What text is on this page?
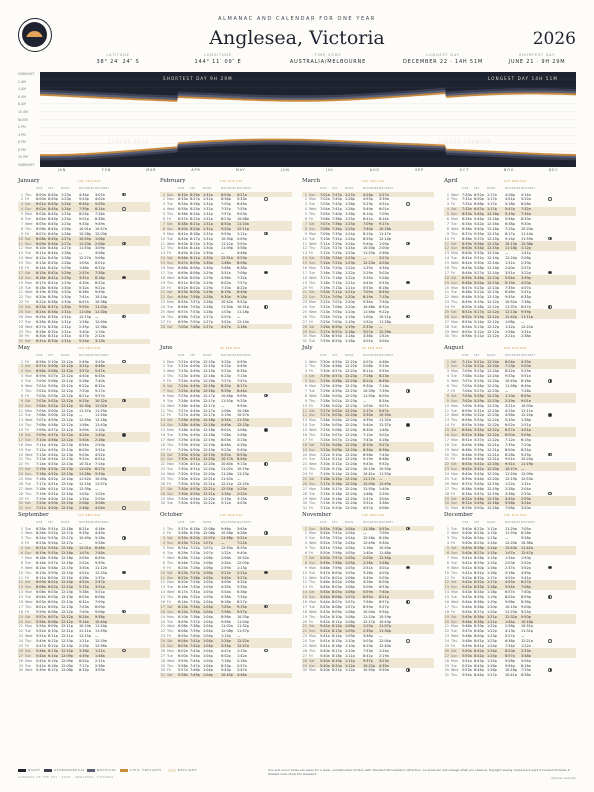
ALMANAC AND CALENDAR FOR ONE YEAR
Anglesea, Victoria	2026
LATITUDE
38° 24′ 24″ S
LONGITUDE
144° 11′ 09″ E
TIME ZONE
AUSTRALIA/MELBOURNE
LONGEST DAY
DECEMBER 22 · 14H 51M
SHORTEST DAY
JUNE 21 · 9H 29M
MIDNIGHT
2 AM
4 AM
6 AM
8 AM
10 AM
NOON
2 PM
4 PM
6 PM
8 PM
10 PM
MIDNIGHT
SHORTEST DAY 9H 29M	LONGEST DAY 14H 51M
CLOCKS BACK	CLOCKS FORWARD
JAN	FEB	MAR	APR	MAY	JUN	JUL	AUG	SEP	OCT	NOV	DEC
January	14h 34m DAY
RISE SET	NOON	MOONRISE MOONSET
1 Thu 6:00a 8:45p 1:23p 4:34p 3:07a
2 Fri 6:00a 8:45p 1:23p 5:43p 4:02a
3 Sat 6:01a 8:45p 1:24p 6:45p 5:05a
4 Sun 6:02a 8:45p 1:24p 7:39p 6:14a
5 Mon 6:03a 8:45p 1:25p 8:24p 7:26a
6 Tue 6:04a 8:45p 1:25p 9:01p 8:38a
7 Wed 6:05a 8:45p 1:25p 9:33p 9:49a
8 Thu 6:06a 8:45p 1:26p 10:01p 10:57a
9 Fri 6:07a 8:45p 1:26p 10:28p 12:03p
10 Sat 6:08a 8:45p 1:27p 10:55p 1:06p
11 Sun 6:09a 8:44p 1:27p 11:23p 2:08p
12 Mon 6:10a 8:44p 1:27p 11:53p 3:09p
13 Tue 6:11a 8:44p 1:28p —	4:08p
14 Wed 6:12a 8:43p 1:28p 12:27a 5:06p
15 Thu 6:13a 8:43p 1:28p 1:05a 6:01p
16 Fri 6:14a 8:42p 1:29p 1:48a 6:52p
17 Sat 6:15a 8:42p 1:29p 2:37a 7:38p
18 Sun 6:16a 8:41p 1:29p 3:31a 8:18p
19 Mon 6:17a 8:41p 1:29p 4:30a 8:52p
20 Tue 6:18a 8:40p 1:30p 5:32a 9:22p
21 Wed 6:19a 8:39p 1:30p 6:36a 9:49p
22 Thu 6:20a 8:39p 1:30p 7:41a 10:14p
23 Fri 6:22a 8:38p 1:30p 8:47a 10:38p
24 Sat 6:23a 8:37p 1:30p 9:55a 11:03p
25 Sun 6:24a 8:36p 1:31p 11:04a 11:30p
26 Mon 6:25a 8:35p 1:31p 12:15p —
27 Tue 6:26a 8:34p 1:31p 1:26p 12:00a
28 Wed 6:27a 8:33p 1:31p 2:35p 12:36a
29 Thu 6:28a 8:32p 1:31p 3:40p 1:19a
30 Fri 6:30a 8:31p 1:31p 4:37p 2:12a
31 Sat 6:31a 8:30p 1:31p 5:24p 3:13a
February	13h 32m DAY
RISE SET	NOON	MOONRISE MOONSET
1 Sun 6:32a 8:29p 1:31p 6:03p 4:21a
2 Mon 6:33a 8:27p 1:31p 6:36p 5:33a
3 Tue 6:34a 8:26p 1:31p 7:05p 6:45a
4 Wed 6:35a 8:25p 1:31p 7:31p 7:55a
5 Thu 6:36a 8:24p 1:31p 7:57p 9:03a
6 Fri 6:37a 8:22p 1:31p 8:23p 10:08a
7 Sat 6:38a 8:21p 1:31p 8:50p 11:10a
8 Sun 6:40a 8:20p 1:31p 9:20p 12:11p
9 Mon 6:41a 8:18p 1:31p 9:53p 1:11p
10 Tue 6:42a 8:17p 1:31p 10:30p 2:09p
11 Wed 6:43a 8:15p 1:30p 11:12p 3:05p
12 Thu 6:44a 8:14p 1:30p 11:59p 3:58p
13 Fri 6:45a 8:12p 1:30p —	4:46p
14 Sat 6:46a 8:11p 1:30p 12:51a 5:29p
15 Sun 6:47a 8:09p 1:30p 1:48a 6:06p
16 Mon 6:48a 8:08p 1:30p 2:48a 6:38p
17 Tue 6:49a 8:06p 1:29p 3:51a 7:06p
18 Wed 6:50a 8:05p 1:29p 4:56a 7:32p
19 Thu 6:51a 8:03p 1:29p 6:02a 7:57p
20 Fri 6:52a 8:02p 1:29p 7:10a 8:22p
21 Sat 6:53a 8:00p 1:29p 8:19a 8:49p
22 Sun 6:54a 7:58p 1:28p 9:30a 9:18p
23 Mon 6:55a 7:57p 1:28p 10:42a 9:52p
24 Tue 6:56a 7:55p 1:28p 11:54a 10:31p
25 Wed 6:57a 7:53p 1:28p 1:03p 11:18p
26 Thu 6:58a 7:52p 1:27p 2:07p —
27 Fri 6:59a 7:50p 1:27p 3:02p 12:14a
28 Sat 7:00a 7:48p 1:27p 3:47p 1:18a
March	12h 19m DAY
RISE SET	NOON	MOONRISE MOONSET
1 Sun 7:01a 7:47p 1:27p 4:24p 2:27a
2 Mon 7:02a 7:45p 1:26p 4:55p 3:39a
3 Tue 7:03a 7:43p 1:26p 5:23p 4:51a
4 Wed 7:04a 7:41p 1:26p 5:49p 6:01a
5 Thu 7:05a 7:40p 1:26p 6:14p 7:09a
6 Fri 7:06a 7:38p 1:25p 6:41p 8:14a
7 Sat 7:07a 7:36p 1:25p 7:09p 9:17a
8 Sun 7:08a 7:34p 1:25p 7:40p 10:18a
9 Mon 7:09a 7:33p 1:24p 8:15p 11:17a
10 Tue 7:10a 7:31p 1:24p 8:55p 12:14p
11 Wed 7:11a 7:29p 1:24p 9:40p 1:09p
12 Thu 7:12a 7:27p 1:24p 10:30p 2:00p
13 Fri 7:12a 7:25p 1:23p 11:25p 2:46p
14 Sat 7:13a 7:24p 1:23p —	3:27p
15 Sun 7:14a 7:22p 1:23p 12:23a 4:03p
16 Mon 7:15a 7:20p 1:22p 1:25a 4:34p
17 Tue 7:16a 7:18p 1:22p 2:29a 5:02p
18 Wed 7:17a 7:16p 1:22p 3:35a 5:28p
19 Thu 7:18a 7:15p 1:21p 4:43a 5:53p
20 Fri 7:19a 7:13p 1:21p 5:53a 6:18p
21 Sat 7:20a 7:11p 1:21p 7:05a 6:45p
22 Sun 7:21a 7:09p 1:20p 8:19a 7:15p
23 Mon 7:22a 7:07p 1:20p 9:34a 7:50p
24 Tue 7:22a 7:06p 1:20p 10:48a 8:32p
25 Wed 7:23a 7:04p 1:20p 11:58a 9:22p
26 Thu 7:24a 7:02p 1:19p 1:00p 10:21p
27 Fri 7:25a 7:00p 1:19p 1:52p 11:28p
28 Sat 7:26a 6:59p 1:19p 2:33p —
29 Sun 7:27a 6:57p 1:18p 3:07p 12:39a
30 Mon 7:28a 6:55p 1:18p 3:36p 1:52a
31 Tue 7:29a 6:53p 1:18p 4:01p 3:04a
April	11h 09m DAY
RISE SET	NOON	MOONRISE MOONSET
1 Wed 7:30a 6:52p 1:17p 4:26p 4:14a
2 Thu 7:31a 6:50p 1:17p 4:51p 5:22a
3 Fri 7:32a 6:48p 1:17p 5:18p 6:28a
4 Sat 7:32a 6:47p 1:17p 5:47p 7:32a
5 Sun 6:33a 5:45p 12:16p 5:19p 7:34a
6 Mon 6:34a 5:44p 12:16p 5:56p 8:33a
7 Tue 6:35a 5:42p 12:16p 6:38p 9:30a
8 Wed 6:36a 5:40p 12:16p 7:25p 10:24a
9 Thu 6:37a 5:39p 12:15p 8:17p 11:14a
10 Fri 6:38a 5:37p 12:15p 9:14p 11:59a
11 Sat 6:39a 5:36p 12:15p 10:15p 12:38p
12 Sun 6:40a 5:34p 12:15p 11:18p 1:12p
13 Mon 6:40a 5:33p 12:14p —	1:41p
14 Tue 6:41a 5:31p 12:14p 12:24a 2:08p
15 Wed 6:42a 5:30p 12:14p 1:31a 2:33p
16 Thu 6:43a 5:28p 12:14p 2:40a 2:57p
17 Fri 6:44a 5:27p 12:14p 3:51a 3:22p
18 Sat 6:45a 5:26p 12:13p 5:04a 3:49p
19 Sun 6:46a 5:24p 12:13p 6:19a 4:20p
20 Mon 6:47a 5:23p 12:13p 7:35a 4:57p
21 Tue 6:48a 5:22p 12:13p 8:48a 5:41p
22 Wed 6:48a 5:20p 12:13p 9:55a 6:35p
23 Thu 6:49a 5:19p 12:12p 10:52a 7:38p
24 Fri 6:50a 5:18p 12:12p 11:37a 8:47p
25 Sat 6:51a 5:17p 12:12p 12:13p 9:59p
26 Sun 6:52a 5:15p 12:12p 12:42p 11:11p
27 Mon 6:53a 5:14p 12:12p 1:08p —
28 Tue 6:54a 5:13p 12:12p 1:32p 12:22a
29 Wed 6:55a 5:12p 12:12p 1:56p 1:31a
30 Thu 6:56a 5:11p 12:12p 2:21p 2:38a
May	10h 08m DAY
RISE SET	NOON	MOONRISE MOONSET
1 Fri 6:56a 5:10p 12:12p 2:49p 3:43a
2 Sat 6:57a 5:09p 12:12p 3:21p 4:46a
3 Sun 6:58a 5:08p 12:12p 3:57p 5:47a
4 Mon 6:59a 5:07p 12:12p 4:40p 6:45a
5 Tue 7:00a 5:06p 12:12p 5:28p 7:40a
6 Wed 7:01a 5:05p 12:12p 6:22p 8:31a
7 Thu 7:02a 5:04p 12:12p 7:20p 9:17a
8 Fri 7:03a 5:03p 12:12p 8:21p 9:57a
9 Sat 7:03a 5:02p 12:12p 9:25p 10:32a
10 Sun 7:04a 5:01p 12:12p 10:30p 11:02a
11 Mon 7:05a 5:00p 12:12p 11:37p 11:29a
12 Tue 7:06a 5:00p 12:12p —	11:54a
13 Wed 7:07a 4:59p 12:12p 12:45a 12:18p
14 Thu 7:08a 4:58p 12:12p 1:56a 12:43p
15 Fri 7:09a 4:57p 12:12p 3:09a 1:10p
16 Sat 7:09a 4:57p 12:12p 4:24a 1:40p
17 Sun 7:10a 4:56p 12:12p 5:40a 2:16p
18 Mon 7:11a 4:55p 12:13p 6:54a 2:59p
19 Tue 7:12a 4:55p 12:13p 8:03a 3:51p
20 Wed 7:13a 4:54p 12:13p 9:03a 4:52p
21 Thu 7:13a 4:54p 12:13p 9:52a 6:01p
22 Fri 7:14a 4:53p 12:13p 10:31a 7:14p
23 Sat 7:15a 4:53p 12:13p 11:02a 8:27p
24 Sun 7:16a 4:52p 12:13p 11:28a 9:39p
25 Mon 7:16a 4:52p 12:14p 11:52a 10:49p
26 Tue 7:17a 4:51p 12:14p 12:15p 11:57p
27 Wed 7:18a 4:51p 12:14p 12:39p —
28 Thu 7:19a 4:51p 12:14p 1:05p 1:02a
29 Fri 7:19a 4:50p 12:14p 1:34p 2:05a
30 Sat 7:20a 4:50p 12:15p 2:08p 3:06a
31 Sun 7:21a 4:50p 12:15p 2:48p 4:04a
June	9h 29m DAY
RISE SET	NOON	MOONRISE MOONSET
1 Mon 7:21a 4:50p 12:15p 3:33p 4:59a
2 Tue 7:22a 4:49p 12:15p 4:25p 5:49a
3 Wed 7:23a 4:49p 12:15p 5:22p 6:34a
4 Thu 7:23a 4:49p 12:16p 6:23p 7:13a
5 Fri 7:24a 4:49p 12:16p 7:27p 7:47a
6 Sat 7:24a 4:49p 12:16p 8:32p 8:17a
7 Sun 7:25a 4:49p 12:16p 9:39p 8:44a
8 Mon 7:25a 4:49p 12:17p 10:46p 9:09a
9 Tue 7:26a 4:49p 12:17p 11:55p 9:33a
10 Wed 7:26a 4:49p 12:17p —	9:59a
11 Thu 7:27a 4:49p 12:17p 1:06a 10:26a
12 Fri 7:27a 4:49p 12:17p 2:19a 10:57a
13 Sat 7:28a 4:49p 12:18p 3:34a 11:33a
14 Sun 7:28a 4:49p 12:18p 4:49a 12:15p
15 Mon 7:28a 4:49p 12:18p 6:02a 1:06p
16 Tue 7:29a 4:49p 12:18p 7:08a 2:06p
17 Wed 7:29a 4:50p 12:19p 8:03a 3:13p
18 Thu 7:29a 4:50p 12:19p 8:48a 4:26p
19 Fri 7:29a 4:50p 12:19p 9:23a 5:40p
20 Sat 7:30a 4:50p 12:19p 9:52a 6:53p
21 Sun 7:30a 4:51p 12:20p 10:17a 8:04p
22 Mon 7:30a 4:51p 12:20p 10:40a 9:13p
23 Tue 7:30a 4:51p 12:20p 11:02a 10:19p
24 Wed 7:30a 4:52p 12:20p 11:26a 11:23p
25 Thu 7:30a 4:52p 12:21p 11:52a —
26 Fri 7:30a 4:53p 12:21p 12:21p 12:25a
27 Sat 7:30a 4:53p 12:21p 12:55p 1:25a
28 Sun 7:30a 4:54p 12:21p 1:34p 2:22a
29 Mon 7:30a 4:54p 12:22p 2:19p 3:15a
30 Tue 7:30a 4:55p 12:22p 3:11p 4:03a
July	9h 48m DAY
RISE SET	NOON	MOONRISE MOONSET
1 Wed 7:30a 4:55p 12:22p 4:07p 4:46a
2 Thu 7:30a 4:56p 12:22p 5:08p 5:23a
3 Fri 7:30a 4:57p 12:22p 6:11p 5:55a
4 Sat 7:29a 4:57p 12:23p 7:16p 6:23a
5 Sun 7:29a 4:58p 12:23p 8:22p 6:49a
6 Mon 7:29a 4:59p 12:23p 9:30p 7:14a
7 Tue 7:29a 4:59p 12:23p 10:39p 7:39a
8 Wed 7:28a 5:00p 12:23p 11:50p 8:05a
9 Thu 7:28a 5:01p 12:23p —	8:34a
10 Fri 7:28a 5:02p 12:23p 1:03a 9:07a
11 Sat 7:27a 5:02p 12:24p 2:17a 9:47a
12 Sun 7:27a 5:03p 12:24p 3:30a 10:35a
13 Mon 7:26a 5:04p 12:24p 4:39a 11:32a
14 Tue 7:26a 5:05p 12:24p 5:40a 12:37p
15 Wed 7:25a 5:06p 12:24p 6:30a 1:48p
16 Thu 7:25a 5:07p 12:24p 7:10a 3:02p
17 Fri 7:24a 5:07p 12:24p 7:43a 4:16p
18 Sat 7:23a 5:08p 12:24p 8:10a 5:27p
19 Sun 7:23a 5:09p 12:24p 8:34a 6:36p
20 Mon 7:22a 5:10p 12:24p 8:56a 7:43p
21 Tue 7:21a 5:11p 12:24p 9:19a 8:48p
22 Wed 7:20a 5:12p 12:24p 9:43a 9:52p
23 Thu 7:20a 5:13p 12:24p 10:10a 10:54p
24 Fri 7:19a 5:14p 12:24p 10:41a 11:53p
25 Sat 7:18a 5:15p 12:24p 11:17a —
26 Sun 7:17a 5:16p 12:24p 12:00p 12:49a
27 Mon 7:16a 5:17p 12:24p 12:50p 1:40a
28 Tue 7:15a 5:18p 12:24p 1:46p 2:25a
29 Wed 7:14a 5:18p 12:24p 2:47p 3:04a
30 Thu 7:13a 5:19p 12:24p 3:51p 3:38a
31 Fri 7:12a 5:20p 12:24p 4:57p 4:08a
August	10h 37m DAY
RISE SET	NOON	MOONRISE MOONSET
1 Sat 7:11a 5:21p 12:24p 6:04p 4:35a
2 Sun 7:10a 5:22p 12:24p 7:13p 5:00a
3 Mon 7:09a 5:23p 12:24p 8:22p 5:25a
4 Tue 7:08a 5:24p 12:24p 9:33p 5:51a
5 Wed 7:07a 5:25p 12:24p 10:45p 6:18a
6 Thu 7:05a 5:26p 12:23p 11:58p 6:49a
7 Fri 7:04a 5:27p 12:23p —	7:26a
8 Sat 7:03a 5:28p 12:23p 1:10a 8:09a
9 Sun 7:02a 5:29p 12:23p 2:19a 9:01a
10 Mon 7:00a 5:30p 12:23p 3:21a 10:03a
11 Tue 6:59a 5:31p 12:23p 4:15a 11:11a
12 Wed 6:58a 5:32p 12:23p 4:58a 12:24p
13 Thu 6:56a 5:33p 12:22p 5:33a 1:38p
14 Fri 6:55a 5:34p 12:22p 6:02a 2:51p
15 Sat 6:54a 5:35p 12:22p 6:27a 4:01p
16 Sun 6:52a 5:36p 12:22p 6:50a 5:09p
17 Mon 6:51a 5:37p 12:22p 7:12a 6:15p
18 Tue 6:49a 5:38p 12:21p 7:35a 7:20p
19 Wed 6:48a 5:39p 12:21p 8:00a 8:24p
20 Thu 6:46a 5:39p 12:21p 8:28a 9:25p
21 Fri 6:45a 5:40p 12:21p 9:01a 10:24p
22 Sat 6:43a 5:41p 12:20p 9:41a 11:19p
23 Sun 6:42a 5:42p 12:20p 10:27a —
24 Mon 6:40a 5:43p 12:20p 11:20a 12:09a
25 Tue 6:39a 5:44p 12:20p 12:19p 12:53a
26 Wed 6:37a 5:45p 12:19p 1:22p 1:31a
27 Thu 6:36a 5:46p 12:19p 2:28p 2:04a
28 Fri 6:34a 5:47p 12:19p 3:36p 2:33a
29 Sat 6:32a 5:48p 12:19p 4:45p 2:59a
30 Sun 6:31a 5:49p 12:18p 5:56p 3:24a
31 Mon 6:29a 5:50p 12:18p 7:08p 3:50a
September	11h 48m DAY
RISE SET	NOON	MOONRISE MOONSET
1 Tue 6:28a 5:51p 12:18p 8:21p 4:16a
2 Wed 6:26a 5:52p 12:17p 9:35p 4:45a
3 Thu 6:24a 5:53p 12:17p 10:49p 5:18a
4 Fri 6:23a 5:54p 12:17p —	5:58a
5 Sat 6:21a 5:54p 12:16p 12:01a 6:46a
6 Sun 6:19a 5:55p 12:16p 1:07a 7:44a
7 Mon 6:18a 5:56p 12:16p 2:05a 8:49a
8 Tue 6:16a 5:57p 12:16p 2:52a 9:59a
9 Wed 6:14a 5:58p 12:15p 3:30a 11:12a
10 Thu 6:13a 5:59p 12:15p 4:01a 12:25p
11 Fri 6:11a 6:00p 12:15p 4:28a 1:37p
12 Sat 6:09a 6:01p 12:14p 4:52a 2:47p
13 Sun 6:08a 6:02p 12:14p 5:15a 3:55p
14 Mon 6:06a 6:03p 12:14p 5:38a 5:01p
15 Tue 6:04a 6:03p 12:13p 6:03a 6:06p
16 Wed 6:03a 6:04p 12:13p 6:31a 7:09p
17 Thu 6:01a 6:05p 12:13p 7:03a 8:09p
18 Fri 5:59a 6:06p 12:12p 7:40a 9:06p
19 Sat 5:57a 6:07p 12:12p 8:24a 9:58p
20 Sun 5:56a 6:08p 12:12p 9:14a 10:44p
21 Mon 5:54a 6:09p 12:11p 10:10a 11:24p
22 Tue 5:52a 6:10p 12:11p 11:11a 11:59p
23 Wed 5:51a 6:11p 12:11p 12:15p —
24 Thu 5:49a 6:12p 12:10p 1:21p 12:29a
25 Fri 5:47a 6:12p 12:10p 2:29p 12:56a
26 Sat 5:46a 6:13p 12:10p 3:38p 1:21a
27 Sun 5:44a 6:14p 12:09p 4:49p 1:46a
28 Mon 5:42a 6:15p 12:09p 6:02p 2:11a
29 Tue 5:41a 6:16p 12:09p 7:17p 2:38a
30 Wed 5:39a 6:17p 12:08p 8:32p 3:09a
October	13h 04m DAY
RISE SET	NOON	MOONRISE MOONSET
1 Thu 5:37a 6:18p 12:08p 9:46p 3:45a
2 Fri 5:36a 6:19p 12:08p 10:56p 4:28a
3 Sat 5:34a 6:20p 12:07p 11:58p 5:21a
4 Sun 6:33a 7:21p 1:07p —	7:22a
5 Mon 6:31a 7:22p 1:07p 12:50a 8:29a
6 Tue 6:29a 7:23p 1:07p 1:32a 9:40a
7 Wed 6:28a 7:24p 1:06p 2:06a 10:52a
8 Thu 6:26a 7:25p 1:06p 2:34a 12:03p
9 Fri 6:25a 7:26p 1:06p 2:59a 1:13p
10 Sat 6:23a 7:27p 1:06p 3:22a 2:21p
11 Sun 6:22a 7:28p 1:05p 3:45a 3:27p
12 Mon 6:20a 7:29p 1:05p 4:09a 4:32p
13 Tue 6:19a 7:30p 1:05p 4:35a 5:35p
14 Wed 6:17a 7:31p 1:05p 5:04a 6:36p
15 Thu 6:16a 7:32p 1:05p 5:38a 7:34p
16 Fri 6:14a 7:33p 1:04p 6:18a 8:27p
17 Sat 6:13a 7:34p 1:04p 7:05a 9:15p
18 Sun 6:12a 7:35p 1:04p 7:58a 9:57p
19 Mon 6:10a 7:36p 1:04p 8:56a 10:33p
20 Tue 6:09a 7:37p 1:04p 9:58a 11:04p
21 Wed 6:08a 7:38p 1:04p 11:02a 11:32p
22 Thu 6:06a 7:39p 1:04p 12:08p 11:57p
23 Fri 6:05a 7:40p 1:04p 1:15p —
24 Sat 6:04a 7:41p 1:04p 2:24p 12:22a
25 Sun 6:03a 7:42p 1:04p 3:34p 12:47a
26 Mon 6:02a 7:43p 1:04p 4:47p 1:13a
27 Tue 6:00a 7:44p 1:04p 6:02p 1:42a
28 Wed 5:59a 7:45p 1:04p 7:18p 2:16a
29 Thu 5:58a 7:47p 1:04p 8:33p 2:57a
30 Fri 5:57a 7:48p 1:04p 9:43p 3:47a
31 Sat 5:56a 7:49p 1:04p 10:45p 4:46a
November	14h 09m DAY
RISE SET	NOON	MOONRISE MOONSET
1 Sun 5:55a 7:50p 1:04p 11:36p 5:53a
2 Mon 5:54a 7:51p 1:04p —	7:05a
3 Tue 5:53a 7:52p 1:04p 12:16a 8:18a
4 Wed 5:52a 7:53p 1:04p 12:49a 9:30a
5 Thu 5:51a 7:54p 1:04p 1:16a 10:40a
6 Fri 5:50a 7:56p 1:05p 1:40a 11:48p
7 Sat 5:50a 7:57p 1:05p 2:03a 12:54p
8 Sun 5:49a 7:58p 1:05p 2:26a 1:58p
9 Mon 5:48a 7:59p 1:05p 2:51a 3:01p
10 Tue 5:47a 8:00p 1:05p 3:18a 4:03p
11 Wed 5:47a 8:01p 1:06p 3:49a 5:03p
12 Thu 5:46a 8:02p 1:06p 4:26a 6:00p
13 Fri 5:45a 8:03p 1:06p 5:09a 6:53p
14 Sat 5:45a 8:05p 1:06p 5:59a 7:40p
15 Sun 5:44a 8:06p 1:07p 6:55a 8:21p
16 Mon 5:44a 8:07p 1:07p 7:56a 8:57p
17 Tue 5:43a 8:08p 1:07p 8:59a 9:27p
18 Wed 5:43a 8:09p 1:08p 10:04a 9:54p
19 Thu 5:42a 8:10p 1:08p 11:10a 10:19p
20 Fri 5:42a 8:11p 1:08p 12:17p 10:43p
21 Sat 5:42a 8:12p 1:08p 1:25p 11:07p
22 Sun 5:41a 8:13p 1:09p 2:35p 11:34p
23 Mon 5:41a 8:14p 1:09p 3:48p —
24 Tue 5:41a 8:15p 1:10p 5:03p 12:04a
25 Wed 5:41a 8:16p 1:10p 6:19p 12:40a
26 Thu 5:40a 8:17p 1:10p 7:33p 1:24a
27 Fri 5:40a 8:18p 1:11p 8:41p 2:19a
28 Sat 5:40a 8:19p 1:11p 9:37p 3:23a
29 Sun 5:40a 8:20p 1:12p 10:22p 4:35a
30 Mon 5:40a 8:21p 1:12p 10:59p 5:50a
December	14h 51m DAY
RISE SET	NOON	MOONRISE MOONSET
1 Tue 5:40a 8:22p 1:12p 11:29p 7:05a
2 Wed 5:40a 8:23p 1:13p 11:55p 8:18a
3 Thu 5:40a 8:24p 1:13p —	9:28a
4 Fri 5:40a 8:25p 1:14p 12:20a 10:36a
5 Sat 5:40a 8:26p 1:14p 12:43a 11:42a
6 Sun 5:40a 8:27p 1:15p 1:07a 12:47p
7 Mon 5:41a 8:28p 1:15p 1:34a 1:50p
8 Tue 5:41a 8:29p 1:15p 2:03a 2:52p
9 Wed 5:41a 8:30p 1:16p 2:37a 3:52p
10 Thu 5:41a 8:31p 1:16p 3:16a 4:49p
11 Fri 5:42a 8:32p 1:17p 4:02a 5:41p
12 Sat 5:42a 8:32p 1:17p 4:55a 6:27p
13 Sun 5:42a 8:33p 1:18p 5:54a 7:06p
14 Mon 5:43a 8:34p 1:18p 6:57a 7:40p
15 Tue 5:43a 8:35p 1:19p 8:02a 8:09p
16 Wed 5:44a 8:36p 1:19p 9:08a 8:36p
17 Thu 5:44a 8:36p 1:20p 10:15a 9:00p
18 Fri 5:45a 8:37p 1:20p 11:23a 9:25p
19 Sat 5:45a 8:38p 1:21p 12:32p 9:50p
20 Sun 5:46a 8:38p 1:21p 1:44p 10:18p
21 Mon 5:46a 8:39p 1:22p 2:58p 10:51p
22 Tue 5:47a 8:40p 1:22p 4:13p 11:31p
23 Wed 5:48a 8:40p 1:23p 5:27p —
24 Thu 5:48a 8:41p 1:23p 6:36p 12:21a
25 Fri 5:49a 8:41p 1:24p 7:34p 1:22a
26 Sat 5:50a 8:42p 1:24p 8:20p 2:33a
27 Sun 5:50a 8:42p 1:25p 8:57p 3:48a
28 Mon 5:51a 8:43p 1:25p 9:28p 5:04a
29 Tue 5:52a 8:43p 1:26p 9:54p 6:18a
30 Wed 5:53a 8:44p 1:26p 10:18p 7:29a
31 Thu 5:54a 8:44p 1:27p 10:41p 8:38a
NIGHT	ASTRONOMICAL	NAUTICAL	CIVIL TWILIGHT	DAYLIGHT	Sun and moon times are given for a level, unobstructed horizon with standard atmospheric refraction. Local terrain will change what you observe. Daylight saving clocks back April 5 forward October 4. Shaded rows show the weekend.
ALMANAC OF THE SKY · 2026 · ANGLESEA, VICTORIA	almanac.example
